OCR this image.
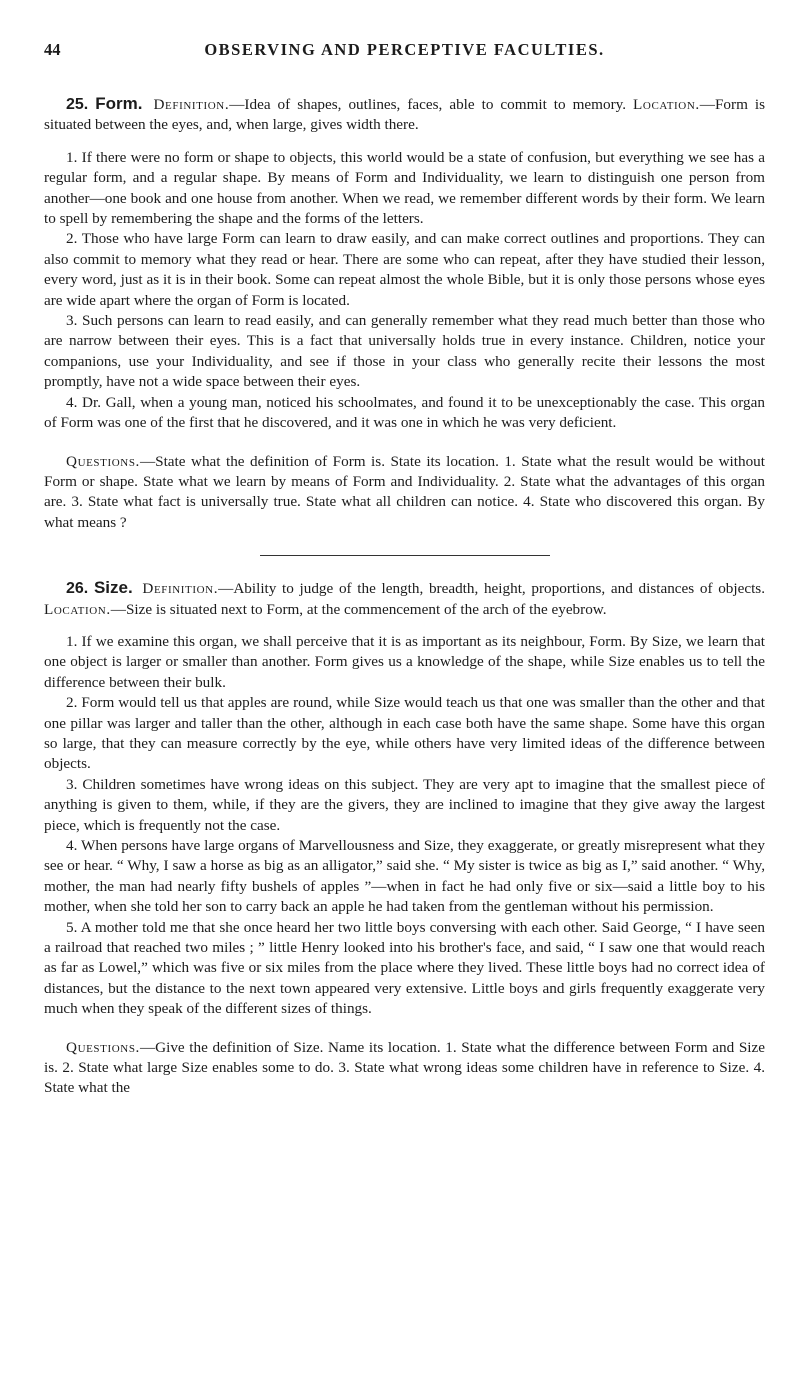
44	OBSERVING AND PERCEPTIVE FACULTIES.

25. Form. Definition.—Idea of shapes, outlines, faces, able to commit to memory. Location.—Form is situated between the eyes, and, when large, gives width there.

1. If there were no form or shape to objects, this world would be a state of confusion, but everything we see has a regular form, and a regular shape. By means of Form and Individuality, we learn to distinguish one person from another—one book and one house from another. When we read, we remember different words by their form. We learn to spell by remembering the shape and the forms of the letters.

2. Those who have large Form can learn to draw easily, and can make correct outlines and proportions. They can also commit to memory what they read or hear. There are some who can repeat, after they have studied their lesson, every word, just as it is in their book. Some can repeat almost the whole Bible, but it is only those persons whose eyes are wide apart where the organ of Form is located.

3. Such persons can learn to read easily, and can generally remember what they read much better than those who are narrow between their eyes. This is a fact that universally holds true in every instance. Children, notice your companions, use your Individuality, and see if those in your class who generally recite their lessons the most promptly, have not a wide space between their eyes.

4. Dr. Gall, when a young man, noticed his schoolmates, and found it to be unexceptionably the case. This organ of Form was one of the first that he discovered, and it was one in which he was very deficient.

Questions.—State what the definition of Form is. State its location. 1. State what the result would be without Form or shape. State what we learn by means of Form and Individuality. 2. State what the advantages of this organ are. 3. State what fact is universally true. State what all children can notice. 4. State who discovered this organ. By what means ?

26. Size. Definition.—Ability to judge of the length, breadth, height, proportions, and distances of objects. Location.—Size is situated next to Form, at the commencement of the arch of the eyebrow.

1. If we examine this organ, we shall perceive that it is as important as its neighbour, Form. By Size, we learn that one object is larger or smaller than another. Form gives us a knowledge of the shape, while Size enables us to tell the difference between their bulk.

2. Form would tell us that apples are round, while Size would teach us that one was smaller than the other and that one pillar was larger and taller than the other, although in each case both have the same shape. Some have this organ so large, that they can measure correctly by the eye, while others have very limited ideas of the difference between objects.

3. Children sometimes have wrong ideas on this subject. They are very apt to imagine that the smallest piece of anything is given to them, while, if they are the givers, they are inclined to imagine that they give away the largest piece, which is frequently not the case.

4. When persons have large organs of Marvellousness and Size, they exaggerate, or greatly misrepresent what they see or hear. “ Why, I saw a horse as big as an alligator,” said she. “ My sister is twice as big as I,” said another. “ Why, mother, the man had nearly fifty bushels of apples ”—when in fact he had only five or six—said a little boy to his mother, when she told her son to carry back an apple he had taken from the gentleman without his permission.

5. A mother told me that she once heard her two little boys conversing with each other. Said George, “ I have seen a railroad that reached two miles ; ” little Henry looked into his brother's face, and said, “ I saw one that would reach as far as Lowel,” which was five or six miles from the place where they lived. These little boys had no correct idea of distances, but the distance to the next town appeared very extensive. Little boys and girls frequently exaggerate very much when they speak of the different sizes of things.

Questions.—Give the definition of Size. Name its location. 1. State what the difference between Form and Size is. 2. State what large Size enables some to do. 3. State what wrong ideas some children have in reference to Size. 4. State what the
